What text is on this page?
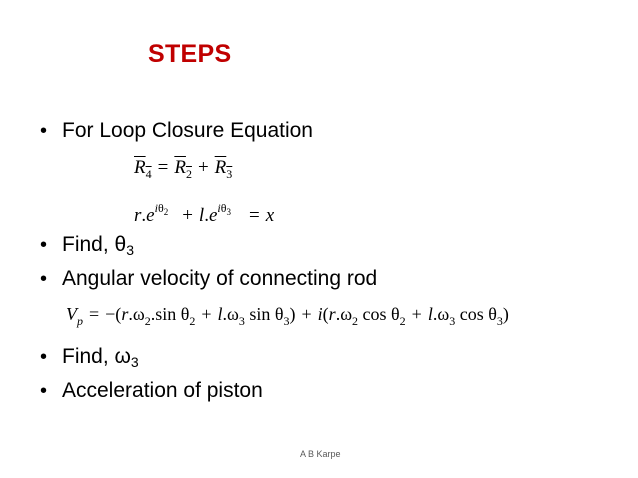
STEPS
• For Loop Closure Equation
$R_4 = R_2 + R_3$
$r.e^{i\theta_2} + l.e^{i\theta_3} = x$
• Find, $\theta_3$
• Angular velocity of connecting rod
$V_p = -(r.\omega_2.\sin$ $\theta_2 + l.\omega_3$ $\sin \theta_3) + i(r.\omega_2$ $\cos \theta_2 + l.\omega_3$ $\cos \theta_3$)
• Find, $\omega_3$
• Acceleration of piston
A B Karpe
